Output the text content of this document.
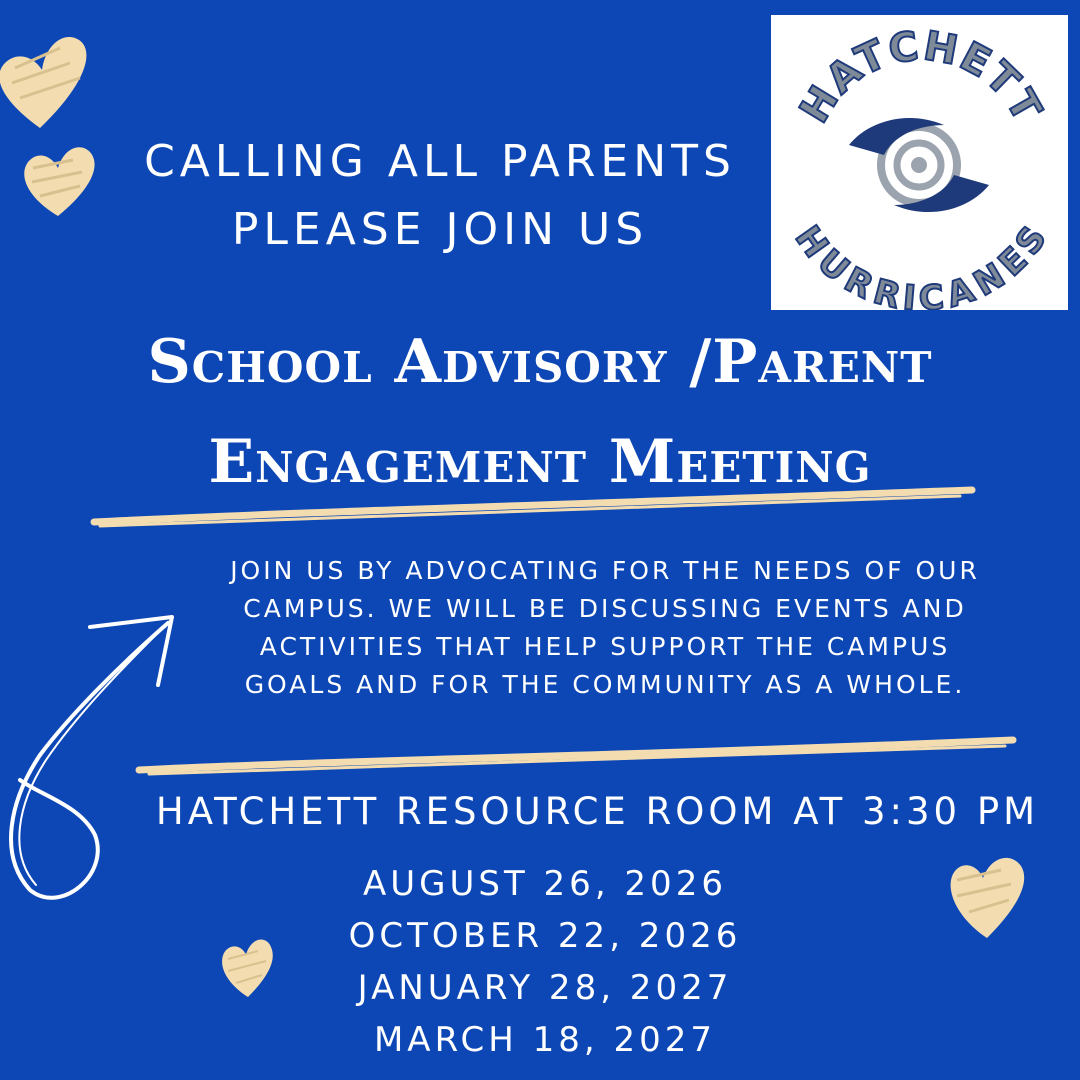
CALLING ALL PARENTS
PLEASE JOIN US
HATCHETT
HURRICANES
School Advisory /Parent
Engagement Meeting
JOIN US BY ADVOCATING FOR THE NEEDS OF OUR
CAMPUS. WE WILL BE DISCUSSING EVENTS AND
ACTIVITIES THAT HELP SUPPORT THE CAMPUS
GOALS AND FOR THE COMMUNITY AS A WHOLE.
HATCHETT RESOURCE ROOM AT 3:30 PM
AUGUST 26, 2026
OCTOBER 22, 2026
JANUARY 28, 2027
MARCH 18, 2027
